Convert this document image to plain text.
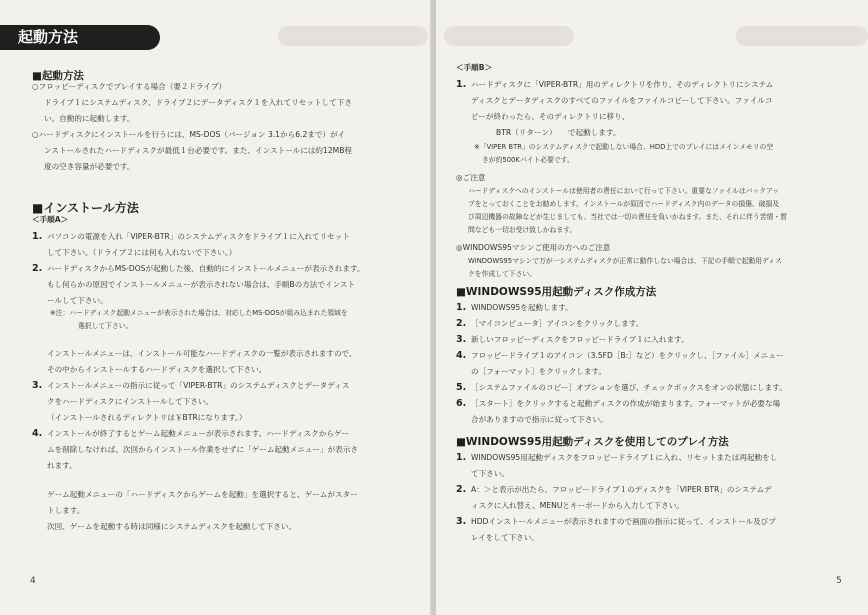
起動方法
■起動方法
○フロッピーディスクでプレイする場合（要２ドライブ）
ドライブ１にシステムディスク、ドライブ２にデータディスク１を入れてリセットして下さ
い。自動的に起動します。
○ハードディスクにインストールを行うには、MS-DOS（バージョン 3.1から6.2まで）がイ
ンストールされたハードディスクが最低１台必要です。また、インストールには約12MB程
度の空き容量が必要です。
■インストール方法
＜手順A＞
1. パソコンの電源を入れ「VIPER-BTR」のシステムディスクをドライブ１に入れてリセット
して下さい。（ドライブ２には何も入れないで下さい。）
2. ハードディスクからMS-DOSが起動した後、自動的にインストールメニューが表示されます。
もし何らかの原因でインストールメニューが表示されない場合は、手順Bの方法でインスト
ールして下さい。
※注：ハードディスク起動メニューが表示された場合は、対応したMS-DOSが組み込まれた領域を
選択して下さい。
インストールメニューは、インストール可能なハードディスクの一覧が表示されますので、
その中からインストールするハードディスクを選択して下さい。
3. インストールメニューの指示に従って「VIPER-BTR」のシステムディスクとデータディス
クをハードディスクにインストールして下さい。
（インストールされるディレクトリは￥BTRになります。）
4. インストールが終了するとゲーム起動メニューが表示されます。ハードディスクからゲー
ムを削除しなければ、次回からインストール作業をせずに「ゲーム起動メニュー」が表示さ
れます。
ゲーム起動メニューの「ハードディスクからゲームを起動」を選択すると、ゲームがスター
トします。
次回、ゲームを起動する時は同様にシステムディスクを起動して下さい。
4
＜手順B＞
1. ハードディスクに「VIPER-BTR」用のディレクトリを作り、そのディレクトリにシステム
ディスクとデータディスクのすべてのファイルをファイルコピーして下さい。ファイルコ
ピーが終わったら、そのディレクトリに移り、
BTR（リターン）　　で起動します。
※「VIPER BTR」のシステムディスクで起動しない場合、HDD上でのプレイにはメインメモリの空
きが約500Kバイト必要です。
◎ご注意
ハードディスクへのインストールは使用者の責任において行って下さい。重要なファイルはバックアッ
プをとっておくことをお勧めします。インストールが原因でハードディスク内のデータの損傷、破損及
び周辺機器の故障などが生じましても、当社では一切の責任を負いかねます。また、それに伴う苦情・質
問なども一切お受け致しかねます。
◎WINDOWS95マシンご使用の方へのご注意
WINDOWS95マシンで万が一システムディスクが正常に動作しない場合は、下記の手順で起動用ディス
クを作成して下さい。
■WINDOWS95用起動ディスク作成方法
1. WINDOWS95を起動します。
2. ［マイコンピュータ］アイコンをクリックします。
3. 新しいフロッピーディスクをフロッピードライブ１に入れます。
4. フロッピードライブ１のアイコン（3.5FD［B:］など）をクリックし、［ファイル］メニュー
の［フォーマット］をクリックします。
5. ［システムファイルのコピー］オプションを選び、チェックボックスをオンの状態にします。
6. ［スタート］をクリックすると起動ディスクの作成が始まります。フォーマットが必要な場
合がありますので指示に従って下さい。
■WINDOWS95用起動ディスクを使用してのプレイ方法
1. WINDOWS95用起動ディスクをフロッピードライブ１に入れ、リセットまたは再起動をし
て下さい。
2. A：＞と表示が出たら、フロッピードライブ１のディスクを「VIPER BTR」のシステムデ
ィスクに入れ替え、MENUとキーボードから入力して下さい。
3. HDDインストールメニューが表示されますので画面の指示に従って、インストール及びプ
レイをして下さい。
5
